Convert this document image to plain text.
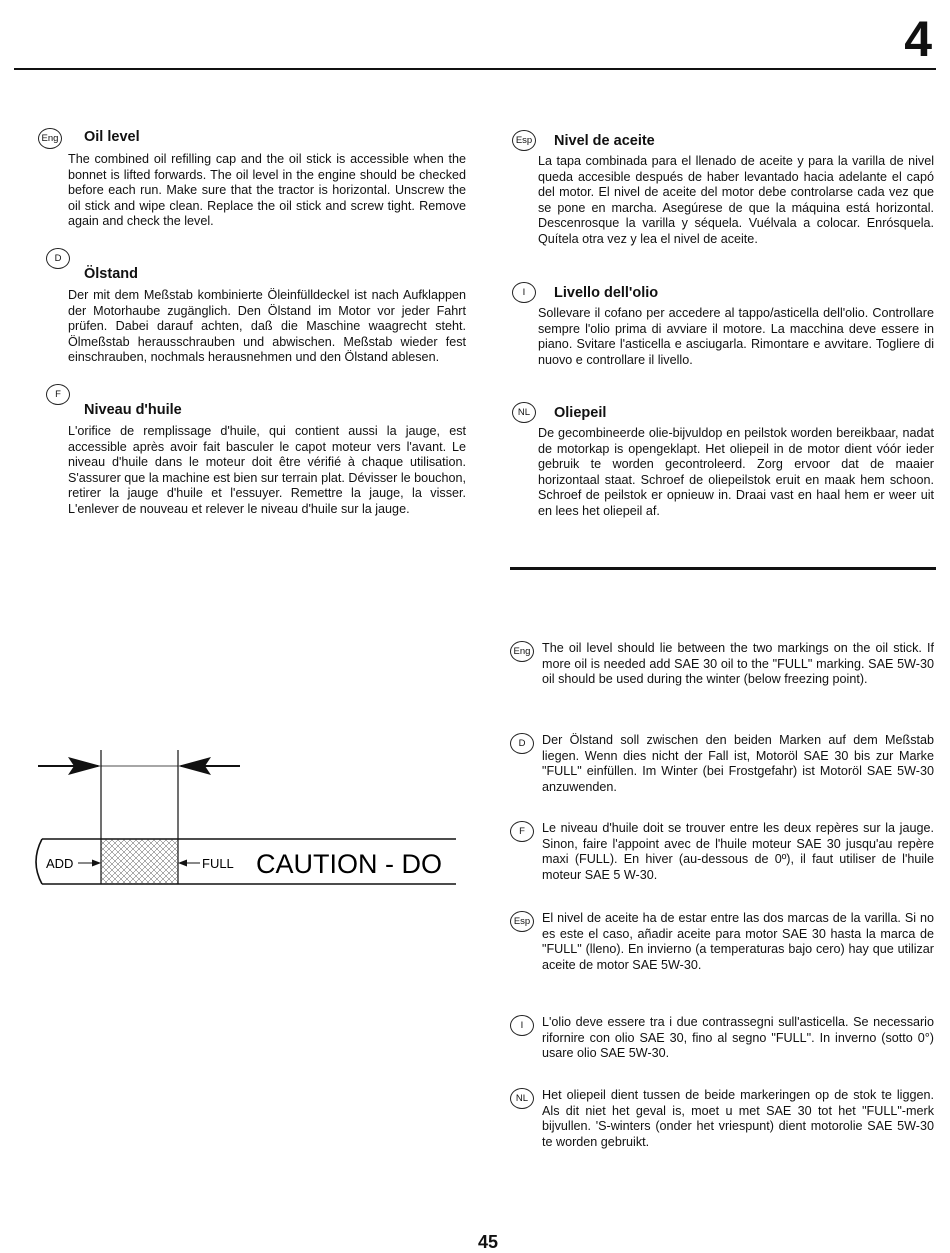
4
Eng Oil level

The combined oil refilling cap and the oil stick is accessible when the bonnet is lifted forwards. The oil level in the engine should be checked before each run. Make sure that the tractor is horizontal. Unscrew the oil stick and wipe clean. Replace the oil stick and screw tight. Remove again and check the level.

D
Ölstand

Der mit dem Meßstab kombinierte Öleinfülldeckel ist nach Aufklappen der Motorhaube zugänglich. Den Ölstand im Motor vor jeder Fahrt prüfen. Dabei darauf achten, daß die Maschine waagrecht steht. Ölmeßstab herausschrauben und abwischen. Meßstab wieder fest einschrauben, nochmals herausnehmen und den Ölstand ablesen.

F
Niveau d'huile

L'orifice de remplissage d'huile, qui contient aussi la jauge, est accessible après avoir fait basculer le capot moteur vers l'avant. Le niveau d'huile dans le moteur doit être vérifié à chaque utilisation. S'assurer que la machine est bien sur terrain plat. Dévisser le bouchon, retirer la jauge d'huile et l'essuyer. Remettre la jauge, la visser. L'enlever de nouveau et relever le niveau d'huile sur la jauge.

Esp Nivel de aceite

La tapa combinada para el llenado de aceite y para la varilla de nivel queda accesible después de haber levantado hacia adelante el capó del motor. El nivel de aceite del motor debe controlarse cada vez que se pone en marcha. Asegúrese de que la máquina está horizontal. Descenrosque la varilla y séquela. Vuélvala a colocar. Enrósquela. Quítela otra vez y lea el nivel de aceite.

I	Livello dell'olio

Sollevare il cofano per accedere al tappo/asticella dell'olio. Controllare sempre l'olio prima di avviare il motore. La macchina deve essere in piano. Svitare l'asticella e asciugarla. Rimontare e avvitare. Togliere di nuovo e controllare il livello.

NL	Oliepeil

De gecombineerde olie-bijvuldop en peilstok worden bereikbaar, nadat de motorkap is opengeklapt. Het oliepeil in de motor dient vóór ieder gebruik te worden gecontroleerd. Zorg ervoor dat de maaier horizontaal staat. Schroef de oliepeilstok eruit en maak hem schoon. Schroef de peilstok er opnieuw in. Draai vast en haal hem er weer uit en lees het oliepeil af.

ADD	FULL CAUTION - DO
Eng The oil level should lie between the two markings on the oil stick. If more oil is needed add SAE 30 oil to the "FULL" marking. SAE 5W-30 oil should be used during the winter (below freezing point).

D	Der Ölstand soll zwischen den beiden Marken auf dem Meßstab liegen. Wenn dies nicht der Fall ist, Motoröl SAE 30 bis zur Marke "FULL" einfüllen. Im Winter (bei Frostgefahr) ist Motoröl SAE 5W-30 anzuwenden.

F	Le niveau d'huile doit se trouver entre les deux repères sur la jauge. Sinon, faire l'appoint avec de l'huile moteur SAE 30 jusqu'au repère maxi (FULL). En hiver (au-dessous de 0º), il faut utiliser de l'huile moteur SAE 5 W-30.

Esp El nivel de aceite ha de estar entre las dos marcas de la varilla. Si no es este el caso, añadir aceite para motor SAE 30 hasta la marca de "FULL" (lleno). En invierno (a temperaturas bajo cero) hay que utilizar aceite de motor SAE 5W-30.

I	L'olio deve essere tra i due contrassegni sull'asticella. Se necessario rifornire con olio SAE 30, fino al segno "FULL". In inverno (sotto 0°) usare olio SAE 5W-30.

NL	Het oliepeil dient tussen de beide markeringen op de stok te liggen. Als dit niet het geval is, moet u met SAE 30 tot het "FULL"-merk bijvullen. 'S-winters (onder het vriespunt) dient motorolie SAE 5W-30 te worden gebruikt.

45
